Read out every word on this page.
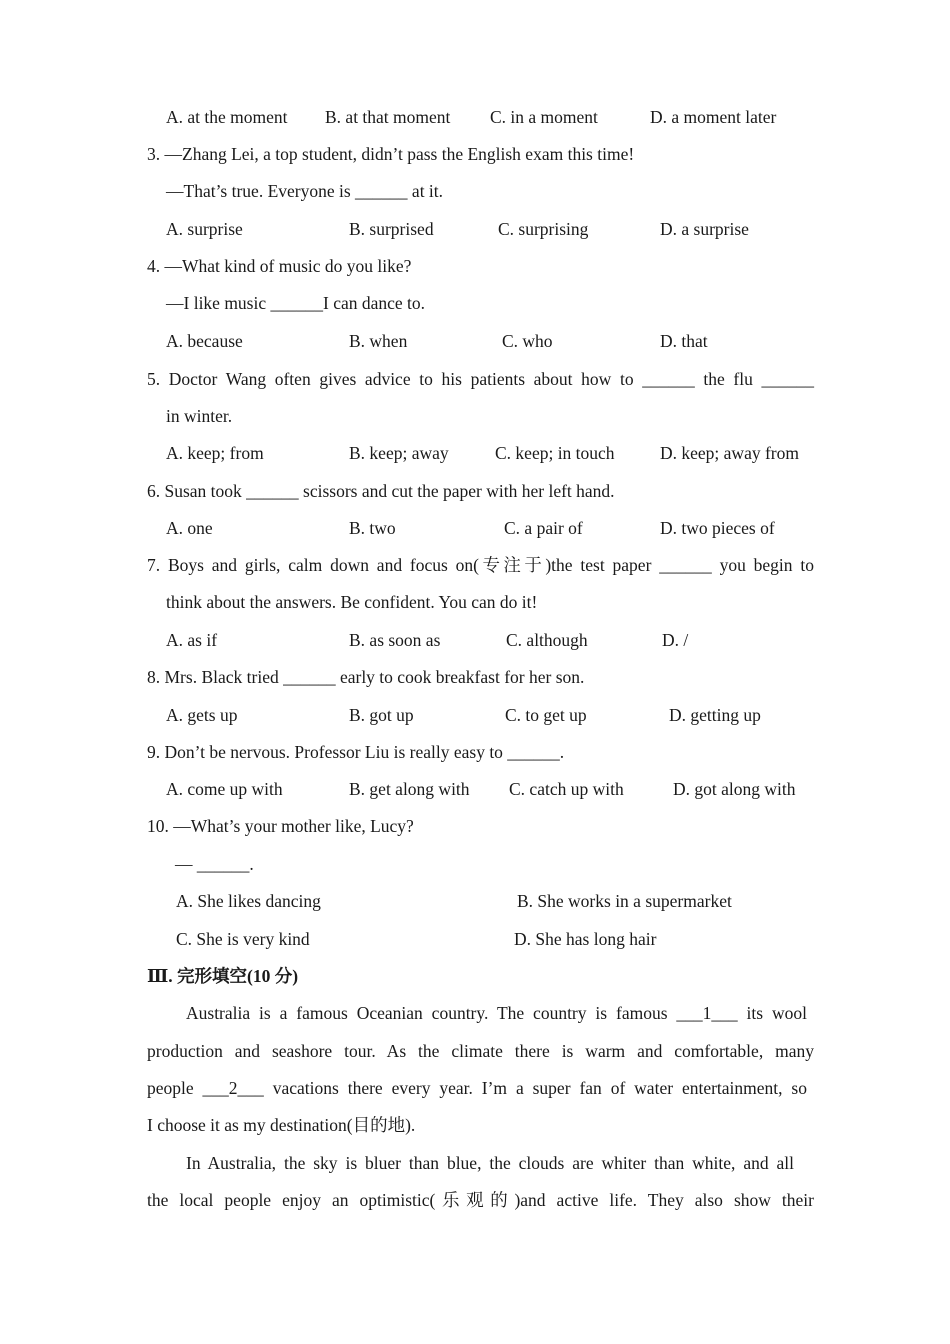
A. at the moment B. at that moment C. in a moment	D. a moment later
3. —Zhang Lei, a top student, didn’t pass the English exam this time!
—That’s true. Everyone is ______ at it.
A. surprise	B. surprised	C. surprising	D. a surprise
4. —What kind of music do you like?
—I like music ______I can dance to.
A. because	B. when	C. who	D. that
5. Doctor Wang often gives advice to his patients about how to ______ the flu ______
in winter.
A. keep; from	B. keep; away	C. keep; in touch	D. keep; away from
6. Susan took ______ scissors and cut the paper with her left hand.
A. one	B. two	C. a pair of	D. two pieces of
7. Boys and girls, calm down and focus on(专注于)the test paper ______ you begin to
think about the answers. Be confident. You can do it!
A. as if	B. as soon as	C. although	D. /
8. Mrs. Black tried ______ early to cook breakfast for her son.
A. gets up	B. got up	C. to get up	D. getting up
9. Don’t be nervous. Professor Liu is really easy to ______.
A. come up with	B. get along with C. catch up with	D. got along with
10. —What’s your mother like, Lucy?
— ______.
A. She likes dancing	B. She works in a supermarket
C. She is very kind	D. She has long hair
Ⅲ. 完形填空(10 分)
Australia is a famous Oceanian country. The country is famous ___1___ its wool
production and seashore tour. As the climate there is warm and comfortable, many
people ___2___ vacations there every year. I’m a super fan of water entertainment, so
I choose it as my destination(目的地).
In Australia, the sky is bluer than blue, the clouds are whiter than white, and all
the local people enjoy an optimistic(乐观的)and active life. They also show their
